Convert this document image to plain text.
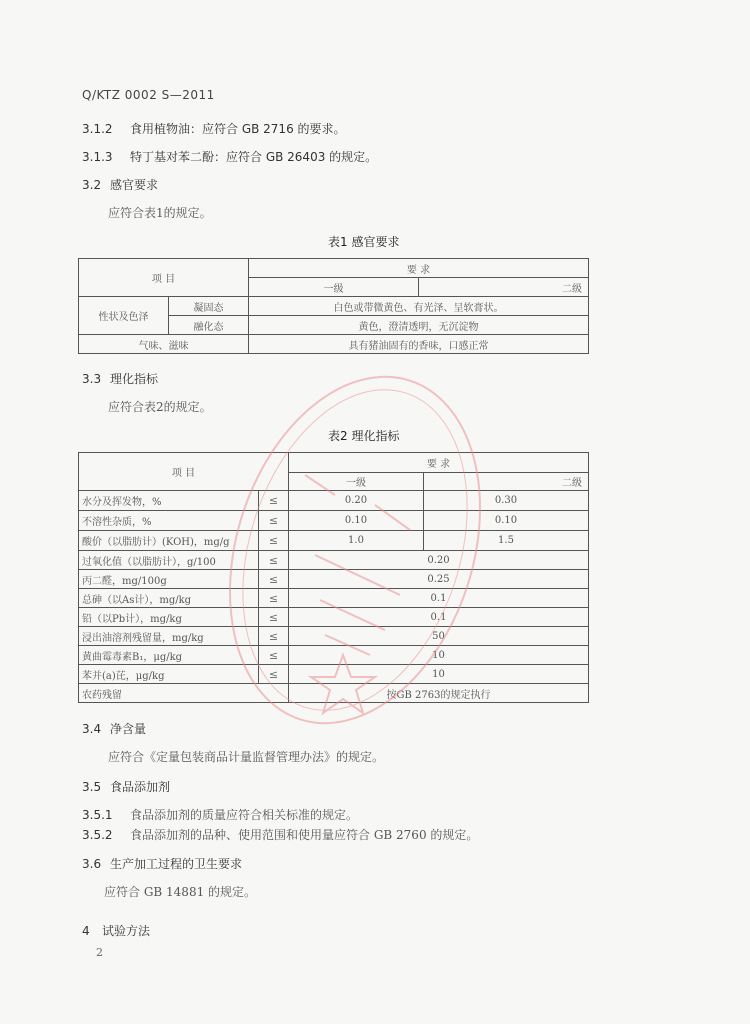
Q/KTZ 0002 S—2011
3.1.2 食用植物油：应符合 GB 2716 的要求。
3.1.3 特丁基对苯二酚：应符合 GB 26403 的规定。
3.2 感官要求
应符合表1的规定。
表1 感官要求
项 目		要 求	
		一级	二级
性状及色泽	凝固态	白色或带微黄色、有光泽、呈软膏状。	
	融化态	黄色，澄清透明，无沉淀物	
气味、滋味		具有猪油固有的香味，口感正常	
3.3 理化指标
应符合表2的规定。
表2 理化指标
项 目		要 求	
		一级	二级
水分及挥发物，%	≤	0.20	0.30
不溶性杂质，%	≤	0.10	0.10
酸价（以脂肪计）(KOH)，mg/g	≤	1.0	1.5
过氧化值（以脂肪计），g/100	≤	0.20	
丙二醛，mg/100g	≤	0.25	
总砷（以As计），mg/kg	≤	0.1	
铅（以Pb计），mg/kg	≤	0.1	
浸出油溶剂残留量，mg/kg	≤	50	
黄曲霉毒素B₁，μg/kg	≤	10	
苯并(a)芘，μg/kg	≤	10	
农药残留		按GB 2763的规定执行	
3.4 净含量
应符合《定量包装商品计量监督管理办法》的规定。
3.5 食品添加剂
3.5.1 食品添加剂的质量应符合相关标准的规定。
3.5.2 食品添加剂的品种、使用范围和使用量应符合 GB 2760 的规定。
3.6 生产加工过程的卫生要求
应符合 GB 14881 的规定。
4 试验方法
2
